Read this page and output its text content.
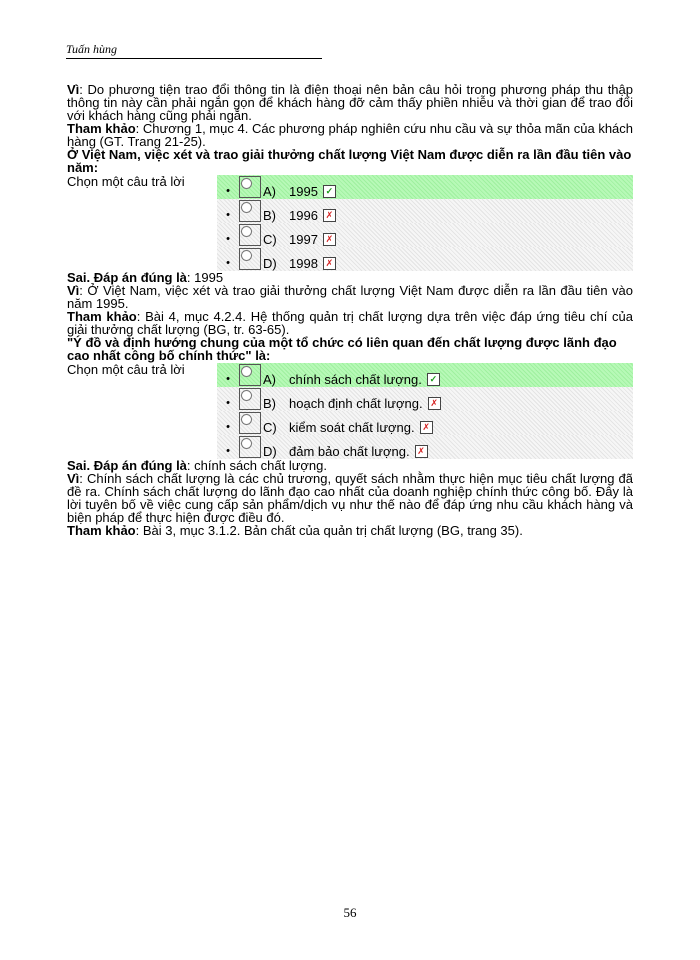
Tuấn hùng

Vì: Do phương tiện trao đổi thông tin là điện thoại nên bản câu hỏi trong phương pháp thu thập thông tin này cần phải ngắn gọn để khách hàng đỡ cảm thấy phiền nhiễu và thời gian để trao đổi với khách hàng cũng phải ngắn.

Tham khảo: Chương 1, mục 4. Các phương pháp nghiên cứu nhu cầu và sự thỏa mãn của khách hàng (GT. Trang 21-25).

Ở Việt Nam, việc xét và trao giải thưởng chất lượng Việt Nam được diễn ra lần đầu tiên vào năm:

Chọn một câu trả lời
•	A)	1995 ✓
•	B)	1996 ✗
•	C) 1997 ✗
•	D) 1998 ✗

Sai. Đáp án đúng là: 1995

Vì: Ở Việt Nam, việc xét và trao giải thưởng chất lượng Việt Nam được diễn ra lần đầu tiên vào năm 1995.

Tham khảo: Bài 4, mục 4.2.4. Hệ thống quản trị chất lượng dựa trên việc đáp ứng tiêu chí của giải thưởng chất lượng (BG, tr. 63-65).

"Ý đồ và định hướng chung của một tổ chức có liên quan đến chất lượng được lãnh đạo cao nhất công bố chính thức" là:

Chọn một câu trả lời
•	A)	chính sách chất lượng. ✓
•	B)	hoạch định chất lượng. ✗
•	C) kiểm soát chất lượng. ✗
•	D) đảm bảo chất lượng. ✗

Sai. Đáp án đúng là: chính sách chất lượng.

Vì: Chính sách chất lượng là các chủ trương, quyết sách nhằm thực hiện mục tiêu chất lượng đã đề ra. Chính sách chất lượng do lãnh đạo cao nhất của doanh nghiệp chính thức công bố. Đây là lời tuyên bố về việc cung cấp sản phẩm/dịch vụ như thế nào để đáp ứng nhu cầu khách hàng và biện pháp để thực hiện được điều đó.

Tham khảo: Bài 3, mục 3.1.2. Bản chất của quản trị chất lượng (BG, trang 35).

56
